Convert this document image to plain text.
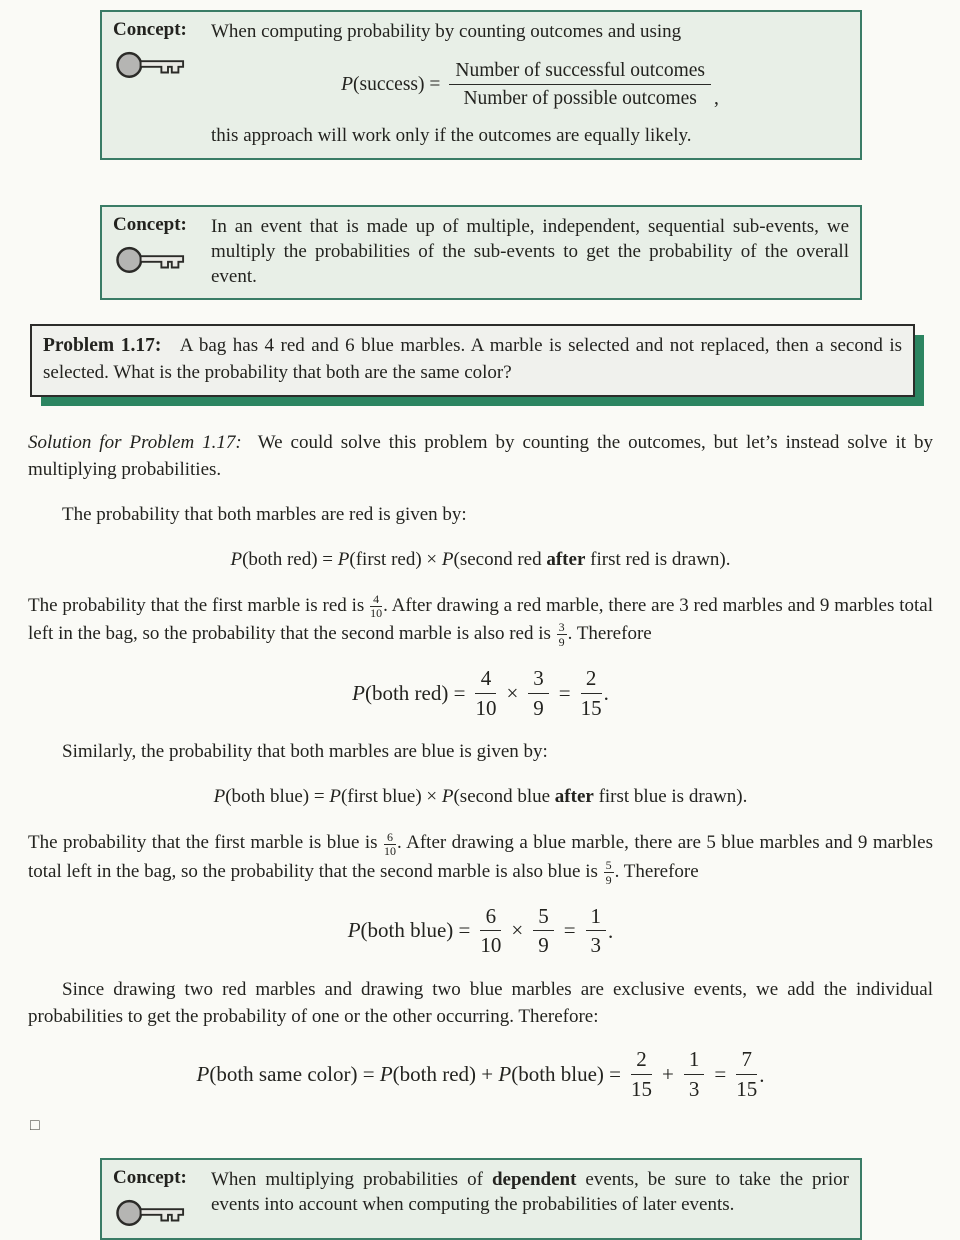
Concept:	When computing probability by counting outcomes and using
P (success) = $\frac{\text{Number of successful outcomes}}{\text{Number of possible outcomes}}$ ,
this approach will work only if the outcomes are equally likely.
Concept:	In an event that is made up of multiple, independent, sequential sub-events, we multiply the probabilities of the sub-events to get the probability of the overall event.
Problem 1.17: A bag has 4 red and 6 blue marbles. A marble is selected and not replaced, then a second is selected. What is the probability that both are the same color?

Solution for Problem 1.17: We could solve this problem by counting the outcomes, but let’s instead solve it by multiplying probabilities.

The probability that both marbles are red is given by:

P(both red) = P(first red) × P(second red after first red is drawn).

The probability that the first marble is red is $\frac{4}{10}$ . After drawing a red marble, there are 3 red marbles and 9 marbles total left in the bag, so the probability that the second marble is also red is $\frac{3}{9}$ . Therefore

P(both $red) = \frac{4}{10} \times \frac{3}{9} = \frac{2}{15}$ .

Similarly, the probability that both marbles are blue is given by:

P(both blue) = P(first blue) × P(second blue after first blue is drawn).

The probability that the first marble is blue is $\frac{6}{10}$ . After drawing a blue marble, there are 5 blue marbles and 9 marbles total left in the bag, so the probability that the second marble is also blue is $\frac{5}{9}$ . Therefore

P(both blue) = $\frac{6}{10} \times \frac{5}{9} = \frac{1}{3}$ .

Since drawing two red marbles and drawing two blue marbles are exclusive events, we add the individual probabilities to get the probability of one or the other occurring. Therefore:

P(both same color) = P(both red) + P(both blue) = $\frac{2}{15} + \frac{1}{3} = \frac{7}{15}$ .
□
Concept:	When multiplying probabilities of dependent events, be sure to take the prior events into account when computing the probabilities of later events.
